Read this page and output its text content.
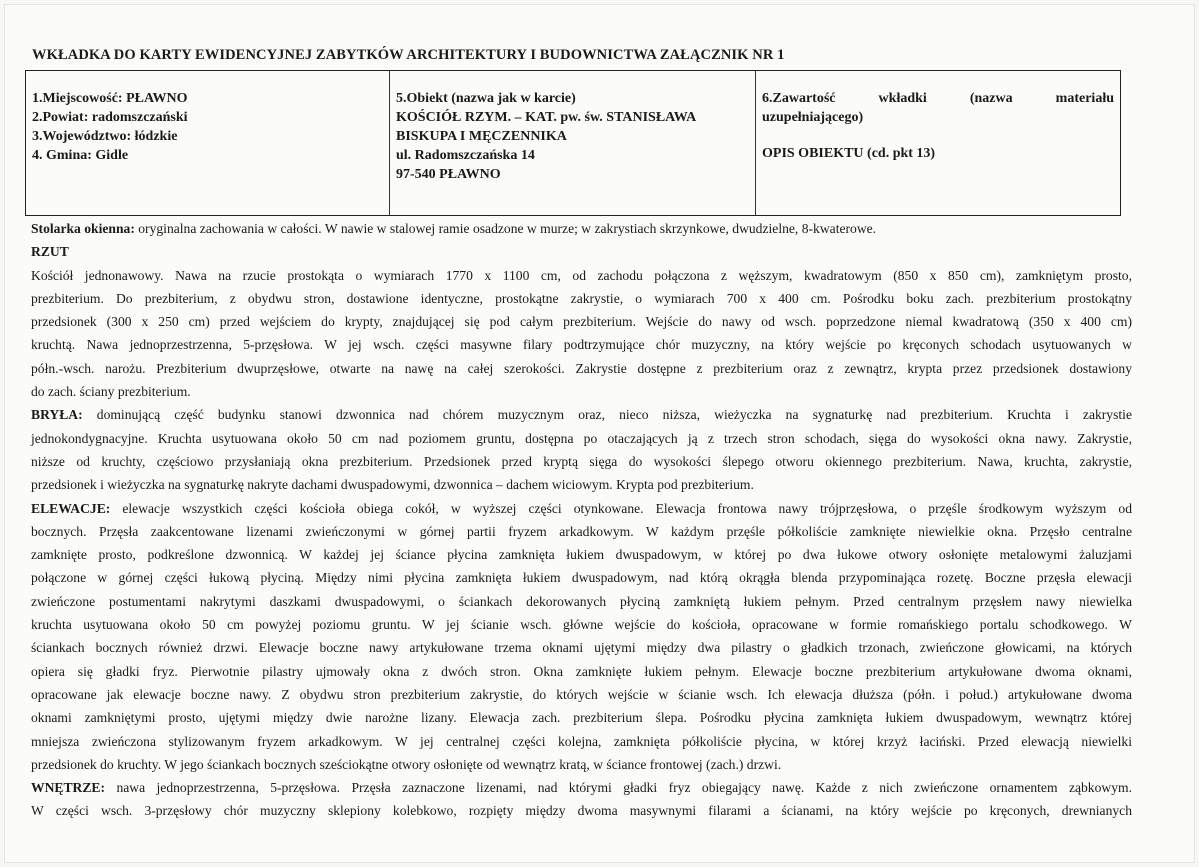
WKŁADKA DO KARTY EWIDENCYJNEJ ZABYTKÓW ARCHITEKTURY I BUDOWNICTWA ZAŁĄCZNIK NR 1
1.Miejscowość: PŁAWNO
2.Powiat: radomszczański
3.Województwo: łódzkie
4. Gmina: Gidle
5.Obiekt (nazwa jak w karcie)
KOŚCIÓŁ RZYM. – KAT. pw. św. STANISŁAWA
BISKUPA I MĘCZENNIKA
ul. Radomszczańska 14
97-540 PŁAWNO
6.Zawartość	wkładki	(nazwa	materiału
uzupełniającego)
OPIS OBIEKTU (cd. pkt 13)

Stolarka okienna: oryginalna zachowania w całości. W nawie w stalowej ramie osadzone w murze; w zakrystiach skrzynkowe, dwudzielne, 8-kwaterowe.

RZUT

Kościół jednonawowy. Nawa na rzucie prostokąta o wymiarach 1770 x 1100 cm, od zachodu połączona z węższym, kwadratowym (850 x 850 cm), zamkniętym prosto,
prezbiterium. Do prezbiterium, z obydwu stron, dostawione identyczne, prostokątne zakrystie, o wymiarach 700 x 400 cm. Pośrodku boku zach. prezbiterium prostokątny
przedsionek (300 x 250 cm) przed wejściem do krypty, znajdującej się pod całym prezbiterium. Wejście do nawy od wsch. poprzedzone niemal kwadratową (350 x 400 cm)
kruchtą. Nawa jednoprzestrzenna, 5-przęsłowa. W jej wsch. części masywne filary podtrzymujące chór muzyczny, na który wejście po kręconych schodach usytuowanych w
półn.-wsch. narożu. Prezbiterium dwuprzęsłowe, otwarte na nawę na całej szerokości. Zakrystie dostępne z prezbiterium oraz z zewnątrz, krypta przez przedsionek dostawiony
do zach. ściany prezbiterium.
BRYŁA: dominującą część budynku stanowi dzwonnica nad chórem muzycznym oraz, nieco niższa, wieżyczka na sygnaturkę nad prezbiterium. Kruchta i zakrystie
jednokondygnacyjne. Kruchta usytuowana około 50 cm nad poziomem gruntu, dostępna po otaczających ją z trzech stron schodach, sięga do wysokości okna nawy. Zakrystie,
niższe od kruchty, częściowo przysłaniają okna prezbiterium. Przedsionek przed kryptą sięga do wysokości ślepego otworu okiennego prezbiterium. Nawa, kruchta, zakrystie,
przedsionek i wieżyczka na sygnaturkę nakryte dachami dwuspadowymi, dzwonnica – dachem wiciowym. Krypta pod prezbiterium.
ELEWACJE: elewacje wszystkich części kościoła obiega cokół, w wyższej części otynkowane. Elewacja frontowa nawy trójprzęsłowa, o przęśle środkowym wyższym od
bocznych. Przęsła zaakcentowane lizenami zwieńczonymi w górnej partii fryzem arkadkowym. W każdym przęśle półkoliście zamknięte niewielkie okna. Przęsło centralne
zamknięte prosto, podkreślone dzwonnicą. W każdej jej ściance płycina zamknięta łukiem dwuspadowym, w której po dwa łukowe otwory osłonięte metalowymi żaluzjami
połączone w górnej części łukową płyciną. Między nimi płycina zamknięta łukiem dwuspadowym, nad którą okrągła blenda przypominająca rozetę. Boczne przęsła elewacji
zwieńczone postumentami nakrytymi daszkami dwuspadowymi, o ściankach dekorowanych płyciną zamkniętą łukiem pełnym. Przed centralnym przęsłem nawy niewielka
kruchta usytuowana około 50 cm powyżej poziomu gruntu. W jej ścianie wsch. główne wejście do kościoła, opracowane w formie romańskiego portalu schodkowego. W
ściankach bocznych również drzwi. Elewacje boczne nawy artykułowane trzema oknami ujętymi między dwa pilastry o gładkich trzonach, zwieńczone głowicami, na których
opiera się gładki fryz. Pierwotnie pilastry ujmowały okna z dwóch stron. Okna zamknięte łukiem pełnym. Elewacje boczne prezbiterium artykułowane dwoma oknami,
opracowane jak elewacje boczne nawy. Z obydwu stron prezbiterium zakrystie, do których wejście w ścianie wsch. Ich elewacja dłuższa (półn. i połud.) artykułowane dwoma
oknami zamkniętymi prosto, ujętymi między dwie narożne lizany. Elewacja zach. prezbiterium ślepa. Pośrodku płycina zamknięta łukiem dwuspadowym, wewnątrz której
mniejsza zwieńczona stylizowanym fryzem arkadkowym. W jej centralnej części kolejna, zamknięta półkoliście płycina, w której krzyż łaciński. Przed elewacją niewielki
przedsionek do kruchty. W jego ściankach bocznych sześciokątne otwory osłonięte od wewnątrz kratą, w ściance frontowej (zach.) drzwi.
WNĘTRZE: nawa jednoprzestrzenna, 5-przęsłowa. Przęsła zaznaczone lizenami, nad którymi gładki fryz obiegający nawę. Każde z nich zwieńczone ornamentem ząbkowym.
W części wsch. 3-przęsłowy chór muzyczny sklepiony kolebkowo, rozpięty między dwoma masywnymi filarami a ścianami, na który wejście po kręconych, drewnianych
